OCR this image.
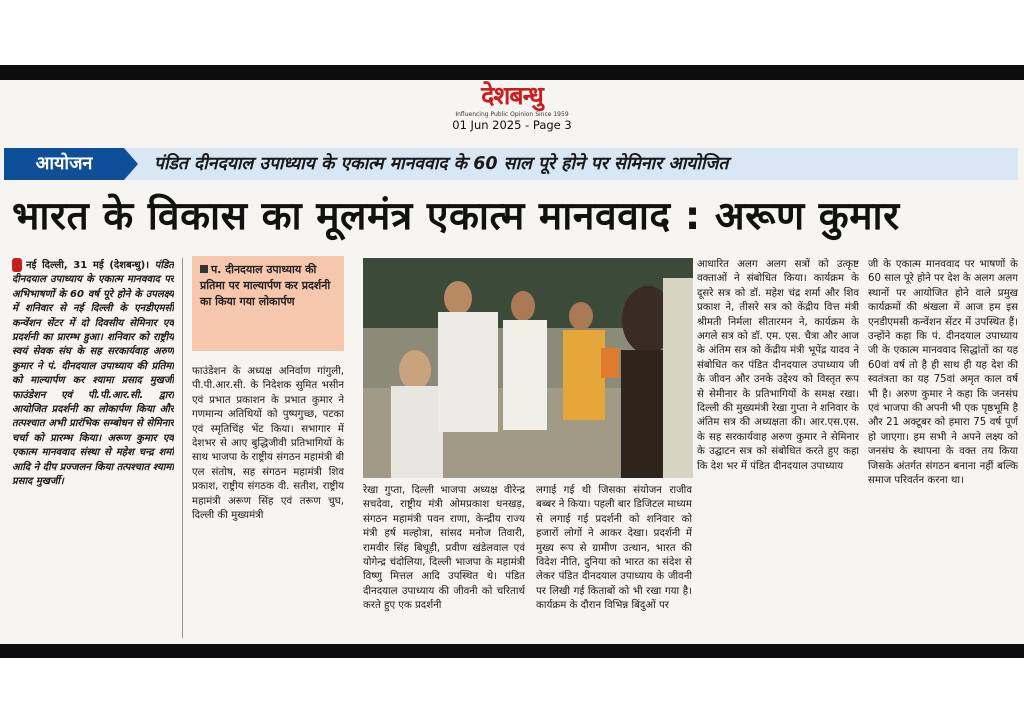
देशबन्धु
Influencing Public Opinion Since 1959
01 Jun 2025 - Page 3
आयोजन	पंडित दीनदयाल उपाध्याय के एकात्म मानववाद के 60 साल पूरे होने पर सेमिनार आयोजित
भारत के विकास का मूलमंत्र एकात्म मानववाद : अरूण कुमार

नई दिल्ली, 31 मई (देशबन्धु)। पंडित दीनदयाल उपाध्याय के एकात्म मानववाद पर अभिभाषणों के 60 वर्ष पूरे होने के उपलक्ष्य में शनिवार से नई दिल्ली के एनडीएमसी कन्वेंशन सेंटर में दो दिवसीय सेमिनार एवं प्रदर्शनी का प्रारम्भ हुआ। शनिवार को राष्ट्रीय स्वयं सेवक संघ के सह सरकार्यवाह अरुण कुमार ने पं. दीनदयाल उपाध्याय की प्रतिमा को माल्यार्पण कर श्यामा प्रसाद मुखर्जी फाउंडेशन एवं पी.पी.आर.सी. द्वारा आयोजित प्रदर्शनी का लोकार्पण किया और तत्पश्चात अभी प्रारंभिक सम्बोधन से सेमिनार चर्चा को प्रारम्भ किया। अरूण कुमार एवं एकात्म मानववाद संस्था से महेश चन्द्र शर्मा आदि ने दीप प्रज्जलन किया तत्पश्चात श्यामा प्रसाद मुखर्जी।

प. दीनदयाल उपाध्याय की प्रतिमा पर माल्यार्पण कर प्रदर्शनी का किया गया लोकार्पण

फाउंडेशन के अध्यक्ष अनिर्वाण गांगुली, पी.पी.आर.सी. के निदेशक सुमित भसीन एवं प्रभात प्रकाशन के प्रभात कुमार ने गणमान्य अतिथियों को पुष्पगुच्छ, पटका एवं स्मृतिचिंह भेंट किया। सभागार में देशभर से आए बुद्धिजीवी प्रतिभागियों के साथ भाजपा के राष्ट्रीय संगठन महामंत्री बी एल संतोष, सह संगठन महामंत्री शिव प्रकाश, राष्ट्रीय संगठक वी. सतीश, राष्ट्रीय महामंत्री अरूण सिंह एवं तरूण चुघ, दिल्ली की मुख्यमंत्री

रेखा गुप्ता, दिल्ली भाजपा अध्यक्ष वीरेन्द्र सचदेवा, राष्ट्रीय मंत्री ओमप्रकाश धनखड़, संगठन महामंत्री पवन राणा, केन्द्रीय राज्य मंत्री हर्ष मल्होत्रा, सांसद मनोज तिवारी, रामवीर सिंह बिधूड़ी, प्रवीण खंडेलवाल एवं योगेन्द्र चंदोलिया, दिल्ली भाजपा के महामंत्री विष्णु मित्तल आदि उपस्थित थे। पंडित दीनदयाल उपाध्याय की जीवनी को चरितार्थ करते हुए एक प्रदर्शनी

लगाई गई थी जिसका संयोजन राजीव बब्बर ने किया। पहली बार डिजिटल माध्यम से लगाई गई प्रदर्शनी को शनिवार को हजारों लोगों ने आकर देखा। प्रदर्शनी में मुख्य रूप से ग्रामीण उत्थान, भारत की विदेश नीति, दुनिया को भारत का संदेश से लेकर पंडित दीनदयाल उपाध्याय के जीवनी पर लिखी गई किताबों को भी रखा गया है। कार्यक्रम के दौरान विभिन्न बिंदुओं पर

आधारित अलग अलग सत्रों को उत्कृष्ट वक्ताओं ने संबोधित किया। कार्यक्रम के दूसरे सत्र को डॉ. महेश चंद्र शर्मा और शिव प्रकाश ने, तीसरे सत्र को केंद्रीय वित्त मंत्री श्रीमती निर्मला सीतारमन ने, कार्यक्रम के अगले सत्र को डॉ. एम. एस. चैत्रा और आज के अंतिम सत्र को केंद्रीय मंत्री भूपेंद्र यादव ने संबोधित कर पंडित दीनदयाल उपाध्याय जी के जीवन और उनके उद्देश्य को विस्तृत रूप से सेमीनार के प्रतिभागियों के समक्ष रखा। दिल्ली की मुख्यमंत्री रेखा गुप्ता ने शनिवार के अंतिम सत्र की अध्यक्षता की। आर.एस.एस. के सह सरकार्यवाह अरुण कुमार ने सेमिनार के उद्घाटन सत्र को संबोधित करते हुए कहा कि देश भर में पंडित दीनदयाल उपाध्याय

जी के एकात्म मानववाद पर भाषणों के 60 साल पूरे होने पर देश के अलग अलग स्थानों पर आयोजित होने वाले प्रमुख कार्यक्रमों की श्रंखला में आज हम इस एनडीएमसी कन्वेंशन सेंटर में उपस्थित हैं। उन्होंने कहा कि पं. दीनदयाल उपाध्याय जी के एकात्म मानववाद सिद्धांतों का यह 60वां वर्ष तो है ही साथ ही यह देश की स्वतंत्रता का यह 75वां अमृत काल वर्ष भी है। अरुण कुमार ने कहा कि जनसंघ एवं भाजपा की अपनी भी एक पृष्ठभूमि है और 21 अक्टूबर को हमारा 75 वर्ष पूर्ण हो जाएगा। हम सभी ने अपने लक्ष्य को जनसंघ के स्थापना के वक्त तय किया जिसके अंतर्गत संगठन बनाना नहीं बल्कि समाज परिवर्तन करना था।
